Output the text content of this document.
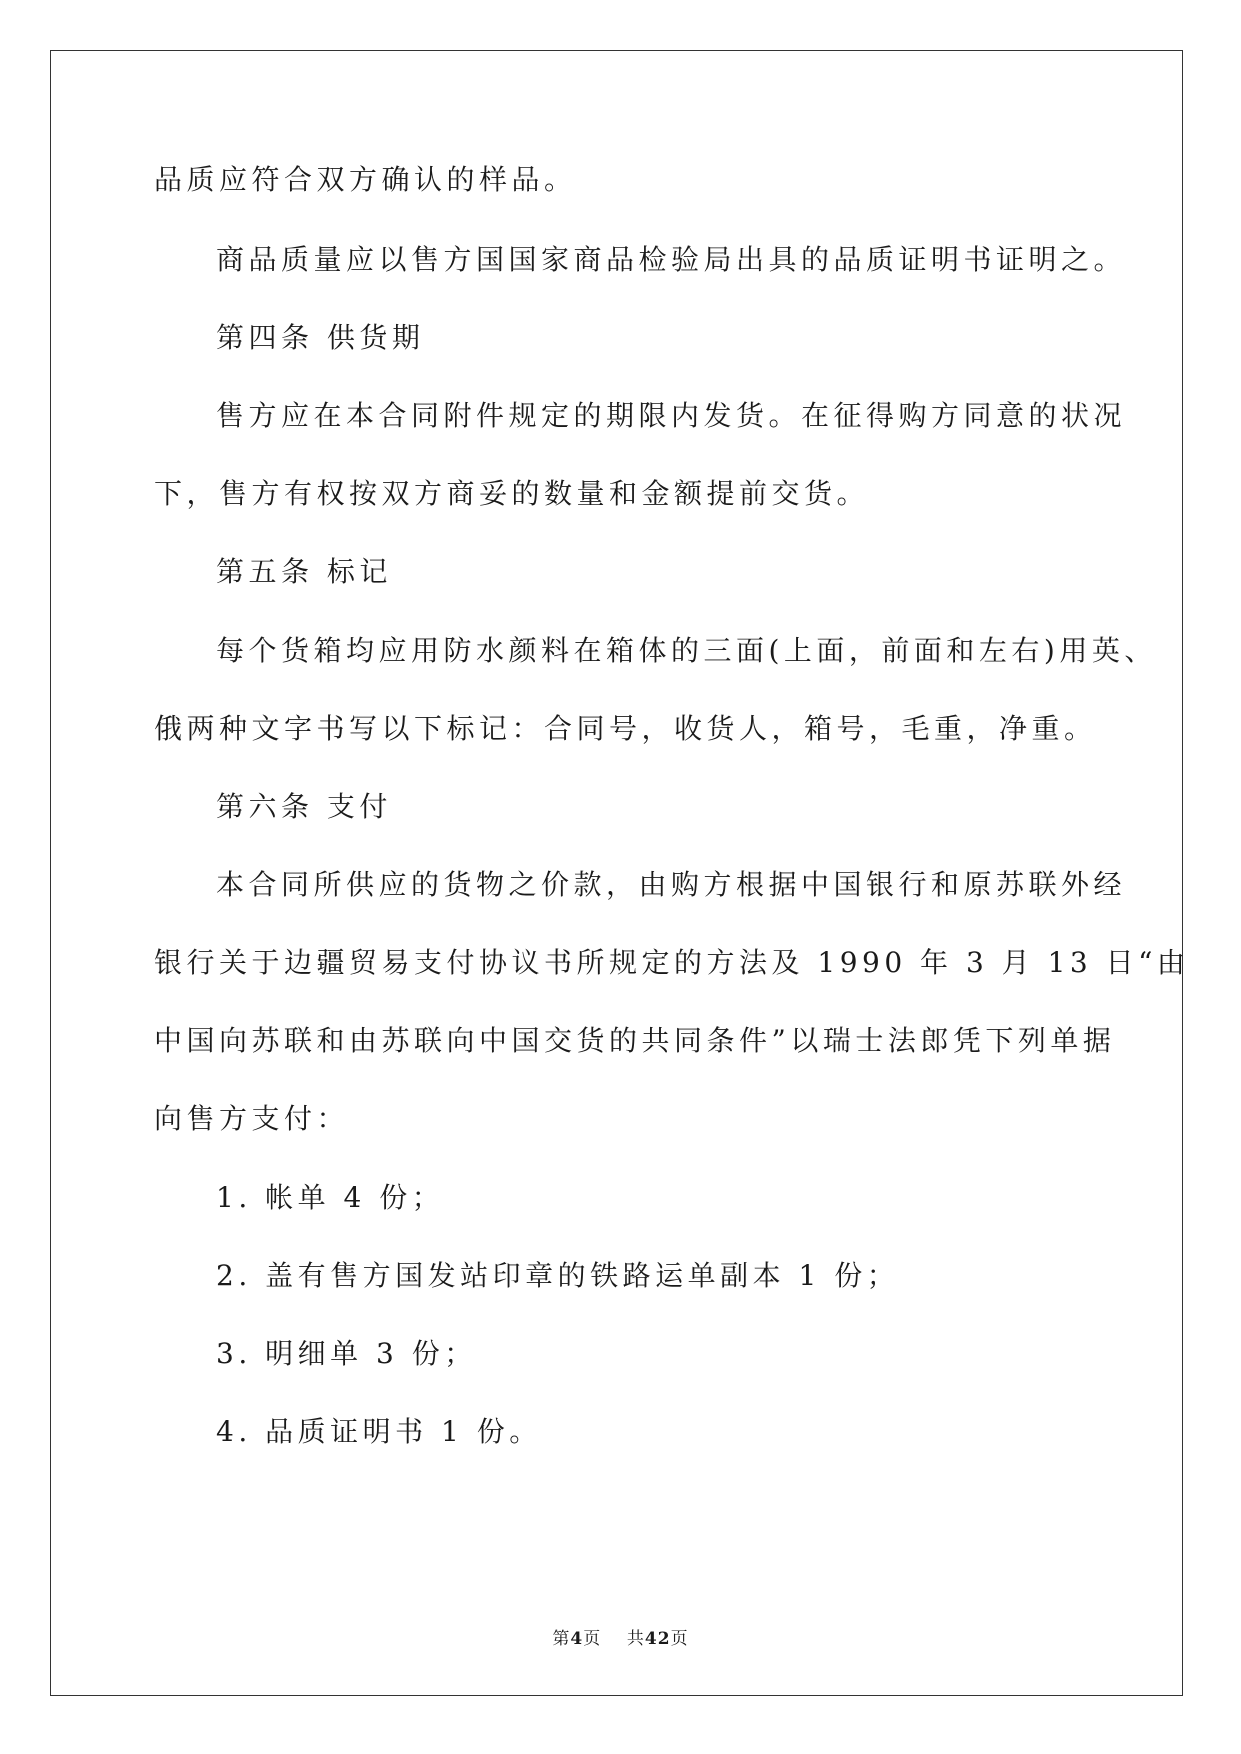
品质应符合双方确认的样品。
商品质量应以售方国国家商品检验局出具的品质证明书证明之。
第四条 供货期
售方应在本合同附件规定的期限内发货。在征得购方同意的状况
下，售方有权按双方商妥的数量和金额提前交货。
第五条 标记
每个货箱均应用防水颜料在箱体的三面(上面，前面和左右)用英、
俄两种文字书写以下标记：合同号，收货人，箱号，毛重，净重。
第六条 支付
本合同所供应的货物之价款，由购方根据中国银行和原苏联外经
银行关于边疆贸易支付协议书所规定的方法及 1990 年 3 月 13 日“由
中国向苏联和由苏联向中国交货的共同条件”以瑞士法郎凭下列单据
向售方支付：
1. 帐单 4 份；
2. 盖有售方国发站印章的铁路运单副本 1 份；
3. 明细单 3 份；
4. 品质证明书 1 份。
第4页 共42页
